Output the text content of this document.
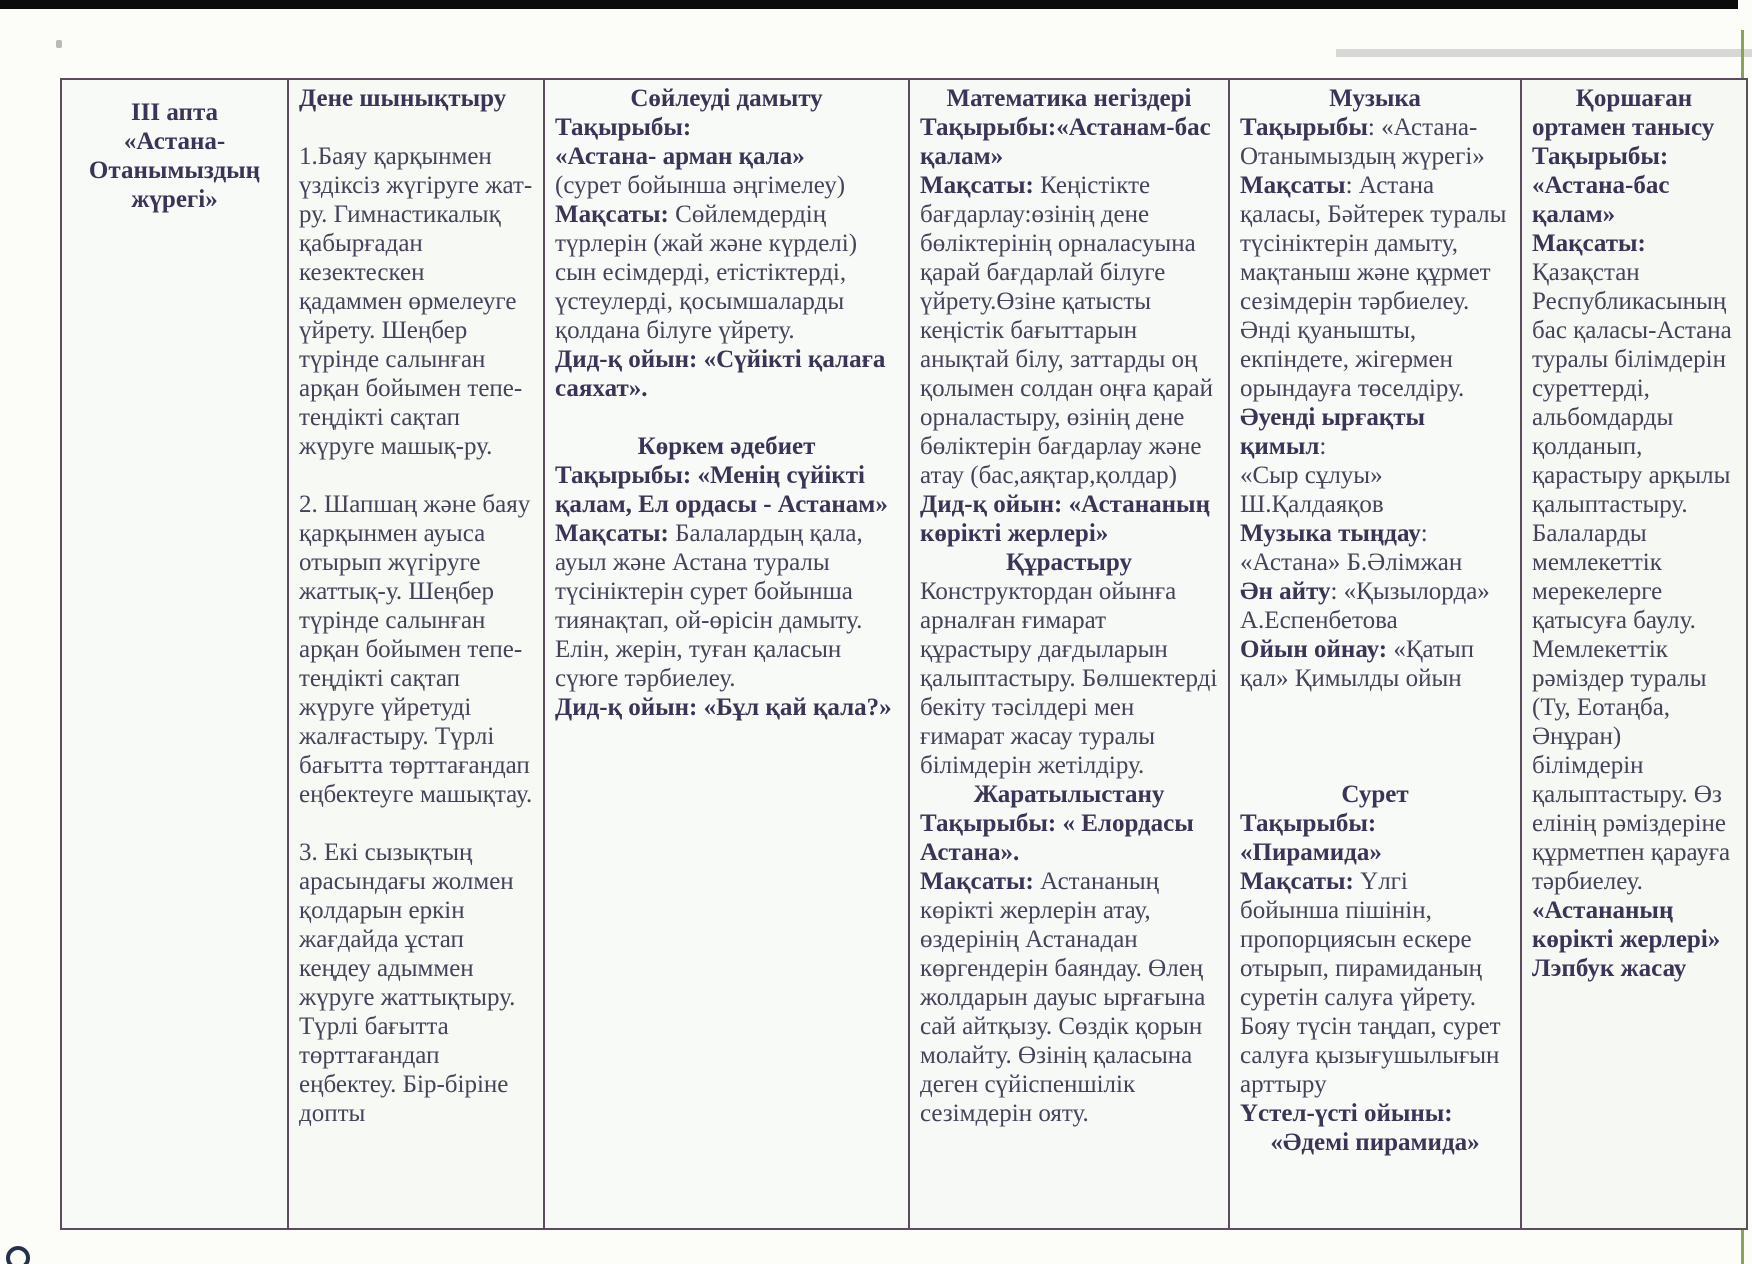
III апта

«Астана-

Отанымыздың

жүрегі»

Дене шынықтыру

1.Баяу қарқынмен үздіксіз жүгіруге жат-ру. Гимнастикалық қабырғадан кезектескен қадаммен өрмелеуге үйрету. Шеңбер түрінде салынған арқан бойымен тепе-теңдікті сақтап жүруге машық-ру.

2. Шапшаң және баяу қарқынмен ауыса отырып жүгіруге жаттық-у. Шеңбер түрінде салынған арқан бойымен тепе-теңдікті сақтап жүруге үйретуді жалғастыру. Түрлі бағытта төрттағандап еңбектеуге машықтау.

3. Екі сызықтың арасындағы жолмен қолдарын еркін жағдайда ұстап кеңдеу адыммен жүруге жаттықтыру. Түрлі бағытта төрттағандап еңбектеу. Бір-біріне допты

Сөйлеуді дамыту

Тақырыбы:

«Астана- арман қала»

(сурет бойынша әңгімелеу)

Мақсаты: Сөйлемдердің түрлерін (жай және күрделі) сын есімдерді, етістіктерді, үстеулерді, қосымшаларды қолдана білуге үйрету.

Дид-қ ойын: «Сүйікті қалаға саяхат».

Көркем әдебиет

Тақырыбы: «Менің сүйікті қалам, Ел ордасы - Астанам»

Мақсаты: Балалардың қала, ауыл және Астана туралы түсініктерін сурет бойынша тиянақтап, ой-өрісін дамыту. Елін, жерін, туған қаласын сүюге тәрбиелеу.

Дид-қ ойын: «Бұл қай қала?»

Математика негіздері

Тақырыбы:«Астанам-бас қалам»

Мақсаты: Кеңістікте бағдарлау:өзінің дене бөліктерінің орналасуына қарай бағдарлай білуге үйрету.Өзіне қатысты кеңістік бағыттарын анықтай білу, заттарды оң қолымен солдан оңға қарай орналастыру, өзінің дене бөліктерін бағдарлау және атау (бас,аяқтар,қолдар)

Дид-қ ойын: «Астананың көрікті жерлері»

Құрастыру

Конструктордан ойынға арналған ғимарат құрастыру дағдыларын қалыптастыру. Бөлшектерді бекіту тәсілдері мен ғимарат жасау туралы білімдерін жетілдіру.

Жаратылыстану

Тақырыбы: « Елордасы Астана».

Мақсаты: Астананың көрікті жерлерін атау, өздерінің Астанадан көргендерін баяндау. Өлең жолдарын дауыс ырғағына сай айтқызу. Сөздік қорын молайту. Өзінің қаласына деген сүйіспеншілік сезімдерін ояту.

Музыка

Тақырыбы: «Астана-Отанымыздың жүрегі»

Мақсаты: Астана қаласы, Бәйтерек туралы түсініктерін дамыту, мақтаныш және құрмет сезімдерін тәрбиелеу. Әнді қуанышты, екпіндете, жігермен орындауға төселдіру.

Әуенді ырғақты қимыл:

«Сыр сұлуы»

Ш.Қалдаяқов

Музыка тыңдау:

«Астана» Б.Әлімжан

Ән айту: «Қызылорда»

А.Еспенбетова

Ойын ойнау: «Қатып қал» Қимылды ойын

Сурет

Тақырыбы:

«Пирамида»

Мақсаты: Үлгі бойынша пішінін, пропорциясын ескере отырып, пирамиданың суретін салуға үйрету. Бояу түсін таңдап, сурет салуға қызығушылығын арттыру

Үстел-үсті ойыны:

«Әдемі пирамида»

Қоршаған

ортамен танысу

Тақырыбы:

«Астана-бас

қалам»

Мақсаты:

Қазақстан Республикасының бас қаласы-Астана туралы білімдерін суреттерді, альбомдарды қолданып, қарастыру арқылы қалыптастыру. Балаларды мемлекеттік мерекелерге қатысуға баулу. Мемлекеттік рәміздер туралы (Ту, Еотаңба, Әнұран) білімдерін қалыптастыру. Өз елінің рәміздеріне құрметпен қарауға тәрбиелеу.

«Астананың

көрікті жерлері»

Лэпбук жасау
